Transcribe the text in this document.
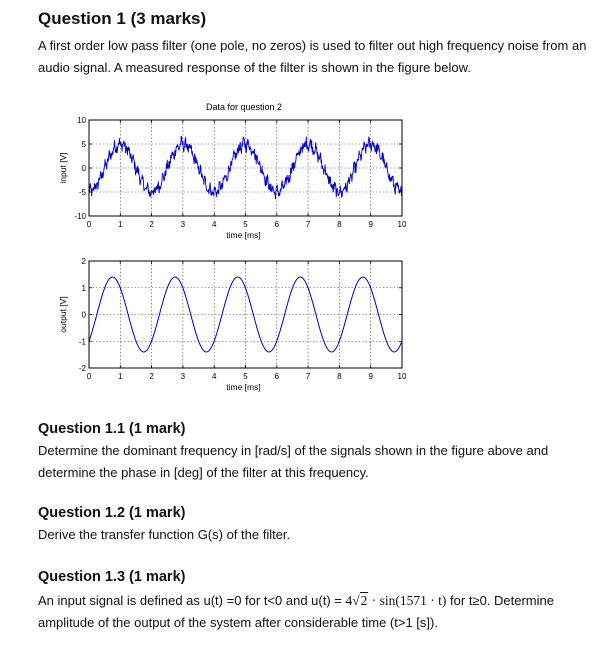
Question 1 (3 marks)
A first order low pass filter (one pole, no zeros) is used to filter out high frequency noise from an audio signal. A measured response of the filter is shown in the figure below.
Data for question 2
0	1	2	3	4	5	6	7	8	9	10
-10
-5
0
5
10
time [ms]
input [V]
0	1	2	3	4	5	6	7	8	9	10
-2
-1
0
1
2
time [ms]
output [V]
Question 1.1 (1 mark)
Determine the dominant frequency in [rad/s] of the signals shown in the figure above and determine the phase in [deg] of the filter at this frequency.
Question 1.2 (1 mark)
Derive the transfer function G(s) of the filter.
Question 1.3 (1 mark)
An input signal is defined as u(t) =0 for t<0 and u(t) = 4√2 · sin(1571 · t) for t≥0. Determine
amplitude of the output of the system after considerable time (t>1 [s]).
